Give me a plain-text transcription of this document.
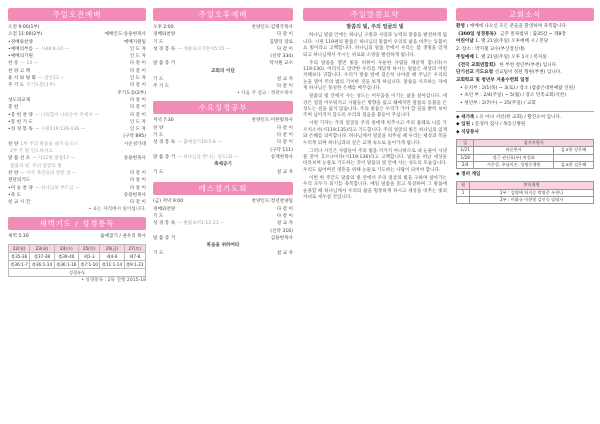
주일오전예배
오전 9:00(1부)
오전 11:00(2부)	예배인도:송용현목사
•경배와찬양	예배지원팀
•예배의부름 — 사46:8-10 —	인 도 자
•예배의기원	인 도 자
찬 송 — 10 —	다 같 이
찬 양 고 백	다 같 이
용 서 와 평 화 — 잠언13 —	인 도 자
주 기 도 주기도문(1부)	다 같 이
주기도송(2부)
성도의교제	다 같 이
봉 헌	다 같 이
•봉 헌 찬 양 — 나의힘이 나의손이 주에서 —	다 같 이
•봉 헌 기 도	인 도 자
•성 경 봉 독 — 시편119:129-136 —	인 도 자
(구약 895)
찬 양 1부 주의 말씀을 내가 들으니	시온성가대
2부 주 말 인도하셔요
말 씀 선 포 — 사11편 말씀17 —	송용현목사
말씀과 빛, 주의 얼굴의 빛
찬 양 — 이주 목진들의 앞만 살 —	다 같 이
결단의기도	다 같 이
•미 승 찬 양 — 하나님의 부르심 —	다 같 이
•축 도	송용현목사
친 교 시 간	다 같 이
• 표는 자리에서 일어섭니다.
새벽기도 / 성경통독
새벽 5:30	출애굽기 / 권우리 목사
22(월)	23(화)	24(수)	25(목)	26(금)	27(토)
출35-36	출37-38	출39-40	레1-3	레4-6	레7-8
출36:1-7	출36:1-14	출36:1-16	출7:1-10	출11:1-14	출9:1-22
성경통독					
• 성경통독 : 2독 진행 2015-18
주일오후예배
오후 2:00	찬양인도:김명국목사
경배와찬양	다 같 이
기 도	김명덕 장로
성 경 봉 독 — 데살로니가전서5:15 —	다 같 이
(신약 334)
말 씀 증 거	탁지원 교수
교회의 이단
기 도	설 교 자
주 기 도	다 같 이
• 다음 주 설교 : 정관수목사
수요성경공부
저녁 7:30	찬양인도:이한빛목사
찬 양	다 같 이
기 도	다 같 이
성 경 봉 독 — 출애굽기19:5-6 —	다 같 이
(구약 111)
말 씀 증 거 — 하나님을 만나는 성도(3) —	송재천목사
축제공기
기 도	설 교 자
에스겔기도회
(금) 저녁 9:00	찬양인도:청년찬양팀
경배와찬양	다 같 이
기 도	다 같 이
성 경 봉 독 — 빌립보서1:12-21 —	설 교 자
(신약 316)
말 씀 증 거	김용현목사
복음을 위하여라
기 도	설 교 자
주일말씀요약
말씀의 빛, 주의 얼굴의 빛

하나님 말씀 안에는 하나님 구원과 사랑과 능력의 말씀을 발견하게 됩니다. 시편 119편의 말씀은 하나님의 말씀이 우리의 삶을 비추는 등불이요 빛이라고 고백합니다. 하나님의 말씀 안에서 우리는 참 생명을 얻게 되고 하나님께서 주시는 위로와 소망을 발견하게 됩니다.

주의 말씀을 열면 빛을 비취어 우둔한 사람을 깨닫게 합니다(시119:130). 어리석고 연약한 우리를 깨닫게 하시는 말씀은 세상의 어떤 지혜보다 귀합니다. 우리가 말씀 앞에 겸손히 나아갈 때 주님은 우리의 눈을 열어 주의 법의 기이한 것을 보게 하십니다. 말씀을 사모하는 자에게 하나님은 풍성한 은혜를 베푸십니다.

말씀의 빛 안에서 사는 성도는 어두움을 이기는 삶을 살아갑니다. 세상은 점점 어두워지고 사람들은 방향을 잃고 헤매지만 말씀의 등불을 든 성도는 길을 잃지 않습니다. 주의 말씀은 우리가 가야 할 길을 밝히 보여주며 넘어지지 않도록 우리의 걸음을 붙들어 주십니다.

시편 기자는 주의 얼굴을 주의 종에게 비추시고 주의 율례로 나를 가르치소서(시119:135)라고 기도합니다. 주의 얼굴의 빛은 하나님의 임재와 은혜를 의미합니다. 하나님께서 얼굴을 비추실 때 우리는 평강과 복을 누리게 되며 하나님과의 깊은 교제 속으로 들어가게 됩니다.

그러나 시인은 사람들이 주의 법을 지키지 아니하므로 내 눈물이 시냇물 같이 흐르나이다(시119:136)라고 고백합니다. 말씀을 떠난 세상을 바라보며 눈물로 기도하는 것이 말씀의 빛 안에 사는 성도의 모습입니다. 우리도 잃어버린 영혼을 위해 눈물로 기도하는 사람이 되어야 합니다.

이번 한 주간도 말씀의 빛 안에서 주의 얼굴의 빛을 구하며 살아가는 우리 모두가 되기를 축복합니다. 매일 말씀을 읽고 묵상하며 그 말씀에 순종할 때 하나님께서 우리의 삶을 형통하게 하시고 세상을 비추는 빛의 자녀로 세우실 것입니다.

교회소식
환영 : 예배에 나오신 모든 분들을 환영하며 축복합니다.
《300일 성경통독》 금주 통독범위 : 출35장 ~ 레8장
어린이날 1. 별 21일(주일) 오후예배 시 / 본당
2. 장소 : 박지철 교수(부산장신대)
주일예배 1. 별 21일(주일) 오후 1시 / 복지실
《전국 교회연합회》 한 부천 청년부(부천) 입니다.
단기선교 기도요청 선교팀이 정된 형편(부천) 입니다.
교회학교 및 청년부 겨울수련회 일정
• 유치부 : 2/1(목) ~ 3(토) / 장소 (참좋은대한예닮 인원)
• 초년 부 : 2/4(주일) ~ 5(월) / 장소 민족교회(석찬)
• 청년부 : 2/7(수) ~ 25(주일) / 교회
◆ 새가족 : 유 아나 서선(한 교회) / 황진오씨 입니다.
◆ 입원 : 문경미 집사 / 목동산병원
◆ 식당봉사
일	섬겨지원사	
1/21	바른봉사	김교한 강은혜
1/28	정근 권선호(부) 여성회	
2/4	시온성, 주님의손, 성명동행원	김교한 김은혜
◆ 정비 게임
월	봉헌위원
1	1부 : 김명애 허지승 박영준 우현나
	2부 : 이화규 이한빛 김인숙 임영자
